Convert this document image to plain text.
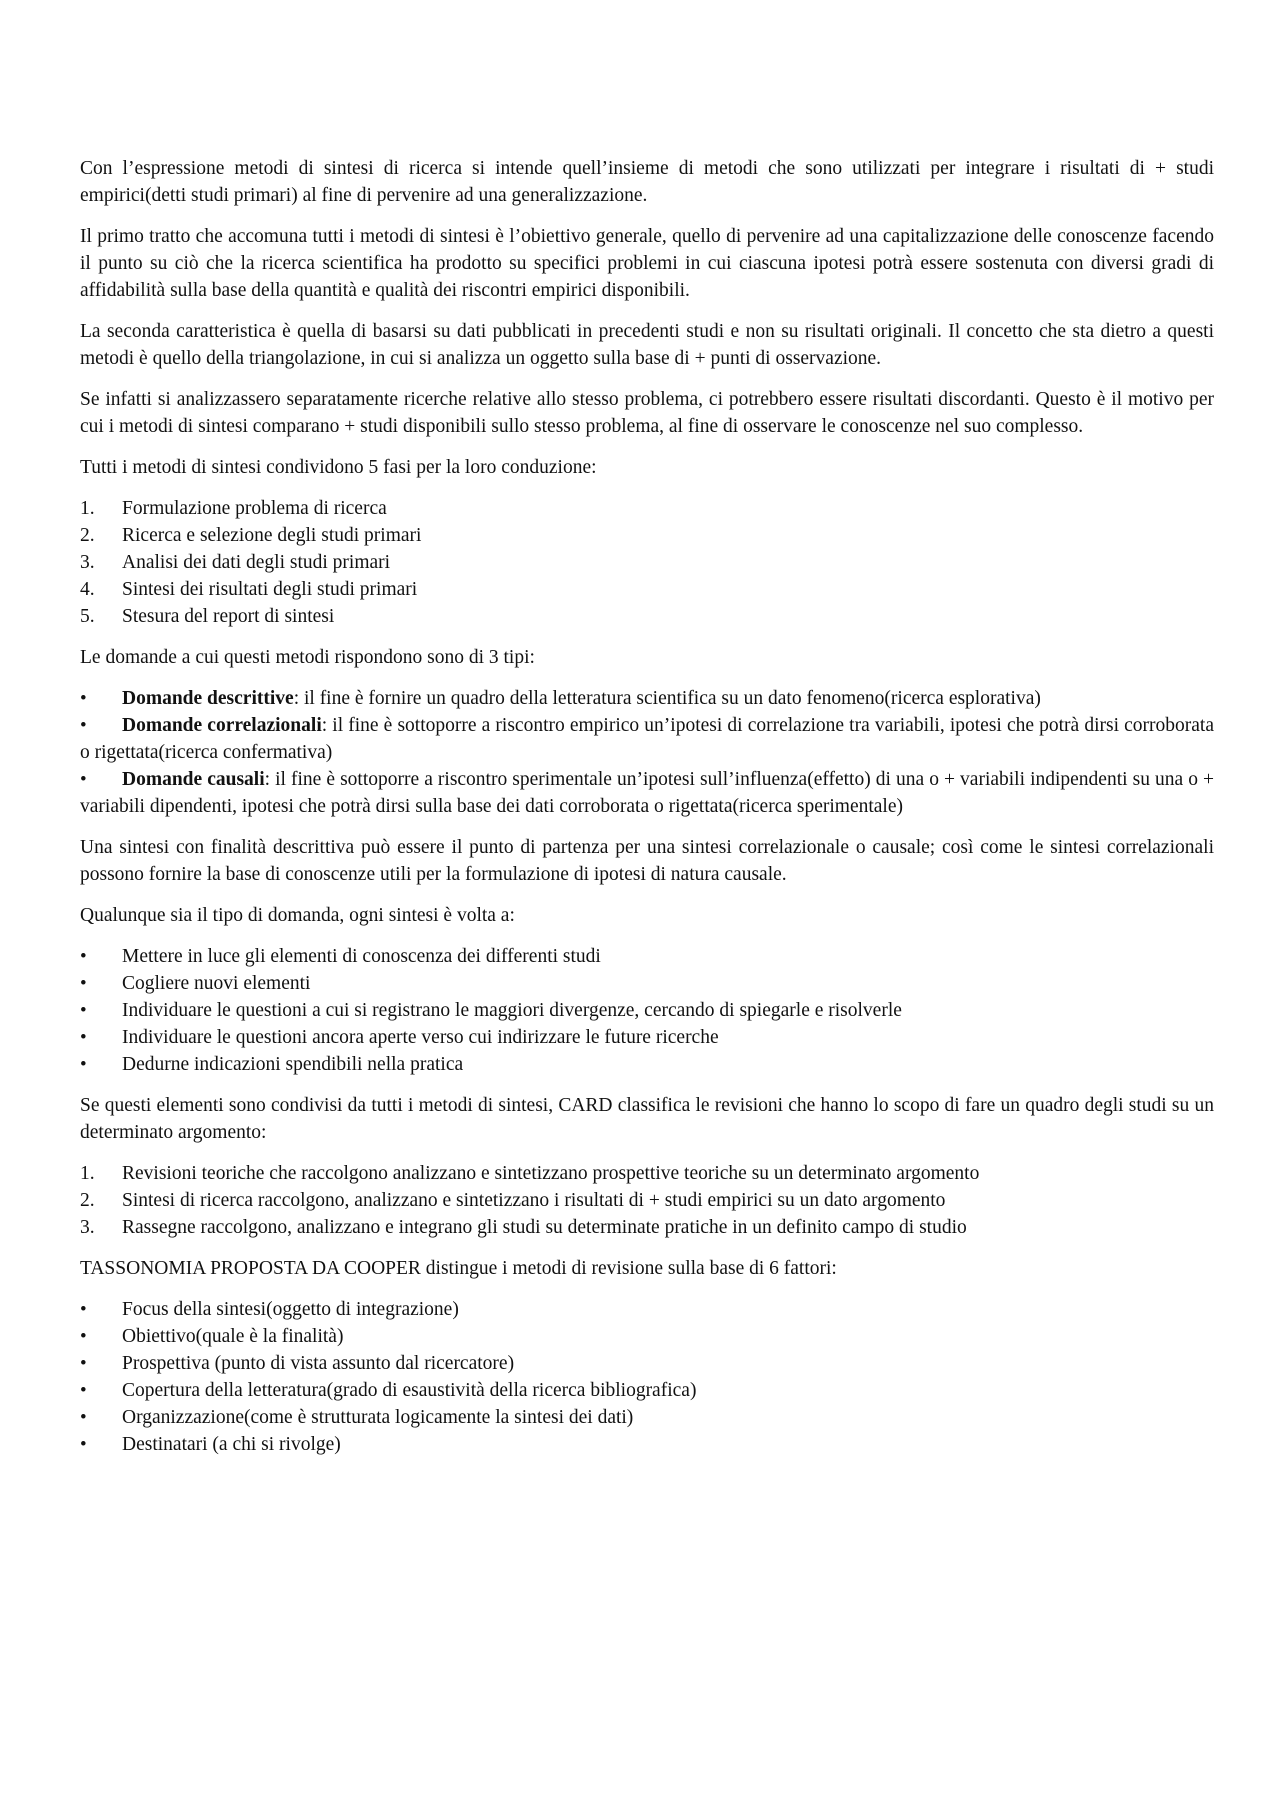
Con l’espressione metodi di sintesi di ricerca si intende quell’insieme di metodi che sono utilizzati per integrare i risultati di + studi empirici(detti studi primari) al fine di pervenire ad una generalizzazione.

Il primo tratto che accomuna tutti i metodi di sintesi è l’obiettivo generale, quello di pervenire ad una capitalizzazione delle conoscenze facendo il punto su ciò che la ricerca scientifica ha prodotto su specifici problemi in cui ciascuna ipotesi potrà essere sostenuta con diversi gradi di affidabilità sulla base della quantità e qualità dei riscontri empirici disponibili.

La seconda caratteristica è quella di basarsi su dati pubblicati in precedenti studi e non su risultati originali. Il concetto che sta dietro a questi metodi è quello della triangolazione, in cui si analizza un oggetto sulla base di + punti di osservazione.

Se infatti si analizzassero separatamente ricerche relative allo stesso problema, ci potrebbero essere risultati discordanti. Questo è il motivo per cui i metodi di sintesi comparano + studi disponibili sullo stesso problema, al fine di osservare le conoscenze nel suo complesso.

Tutti i metodi di sintesi condividono 5 fasi per la loro conduzione:

1. Formulazione problema di ricerca
2. Ricerca e selezione degli studi primari
3. Analisi dei dati degli studi primari
4. Sintesi dei risultati degli studi primari
5. Stesura del report di sintesi

Le domande a cui questi metodi rispondono sono di 3 tipi:

• Domande descrittive: il fine è fornire un quadro della letteratura scientifica su un dato fenomeno(ricerca esplorativa)
• Domande correlazionali: il fine è sottoporre a riscontro empirico un’ipotesi di correlazione tra variabili, ipotesi che potrà dirsi corroborata o rigettata(ricerca confermativa)
• Domande causali: il fine è sottoporre a riscontro sperimentale un’ipotesi sull’influenza(effetto) di una o + variabili indipendenti su una o + variabili dipendenti, ipotesi che potrà dirsi sulla base dei dati corroborata o rigettata(ricerca sperimentale)

Una sintesi con finalità descrittiva può essere il punto di partenza per una sintesi correlazionale o causale; così come le sintesi correlazionali possono fornire la base di conoscenze utili per la formulazione di ipotesi di natura causale.

Qualunque sia il tipo di domanda, ogni sintesi è volta a:

• Mettere in luce gli elementi di conoscenza dei differenti studi
• Cogliere nuovi elementi
• Individuare le questioni a cui si registrano le maggiori divergenze, cercando di spiegarle e risolverle
• Individuare le questioni ancora aperte verso cui indirizzare le future ricerche
• Dedurne indicazioni spendibili nella pratica

Se questi elementi sono condivisi da tutti i metodi di sintesi, CARD classifica le revisioni che hanno lo scopo di fare un quadro degli studi su un determinato argomento:

1. Revisioni teoriche che raccolgono analizzano e sintetizzano prospettive teoriche su un determinato argomento
2. Sintesi di ricerca raccolgono, analizzano e sintetizzano i risultati di + studi empirici su un dato argomento
3. Rassegne raccolgono, analizzano e integrano gli studi su determinate pratiche in un definito campo di studio

TASSONOMIA PROPOSTA DA COOPER distingue i metodi di revisione sulla base di 6 fattori:

• Focus della sintesi(oggetto di integrazione)
• Obiettivo(quale è la finalità)
• Prospettiva (punto di vista assunto dal ricercatore)
• Copertura della letteratura(grado di esaustività della ricerca bibliografica)
• Organizzazione(come è strutturata logicamente la sintesi dei dati)
• Destinatari (a chi si rivolge)
